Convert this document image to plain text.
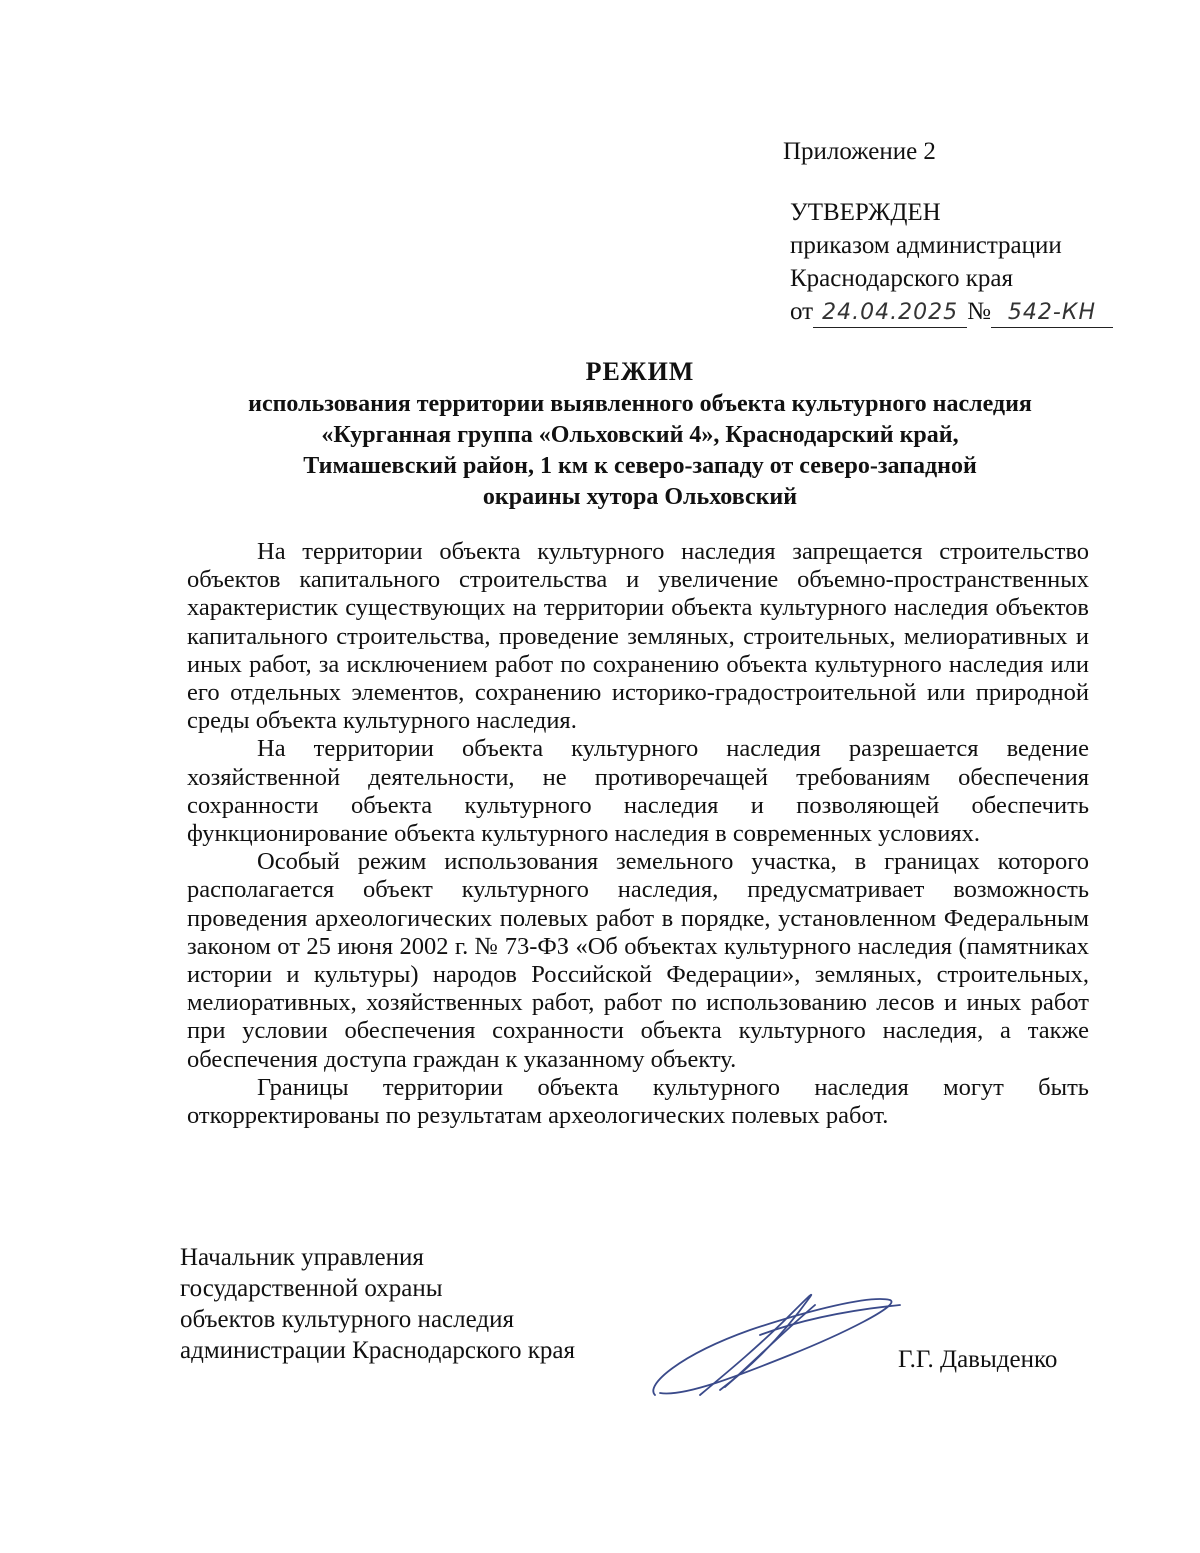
Приложение 2
УТВЕРЖДЕН
приказом администрации
Краснодарского края
от 24.04.2025 № 542-КН
РЕЖИМ
использования территории выявленного объекта культурного наследия
«Курганная группа «Ольховский 4», Краснодарский край,
Тимашевский район, 1 км к северо-западу от северо-западной
окраины хутора Ольховский

На территории объекта культурного наследия запрещается строительство объектов капитального строительства и увеличение объемно-пространственных характеристик существующих на территории объекта культурного наследия объектов капитального строительства, проведение земляных, строительных, мелиоративных и иных работ, за исключением работ по сохранению объекта культурного наследия или его отдельных элементов, сохранению историко-градостроительной или природной среды объекта культурного наследия.

На территории объекта культурного наследия разрешается ведение хозяйственной деятельности, не противоречащей требованиям обеспечения сохранности объекта культурного наследия и позволяющей обеспечить функционирование объекта культурного наследия в современных условиях.

Особый режим использования земельного участка, в границах которого располагается объект культурного наследия, предусматривает возможность проведения археологических полевых работ в порядке, установленном Федеральным законом от 25 июня 2002 г. № 73-ФЗ «Об объектах культурного наследия (памятниках истории и культуры) народов Российской Федерации», земляных, строительных, мелиоративных, хозяйственных работ, работ по использованию лесов и иных работ при условии обеспечения сохранности объекта культурного наследия, а также обеспечения доступа граждан к указанному объекту.

Границы территории объекта культурного наследия могут быть откорректированы по результатам археологических полевых работ.

Начальник управления
государственной охраны
объектов культурного наследия
администрации Краснодарского края	Г.Г. Давыденко
